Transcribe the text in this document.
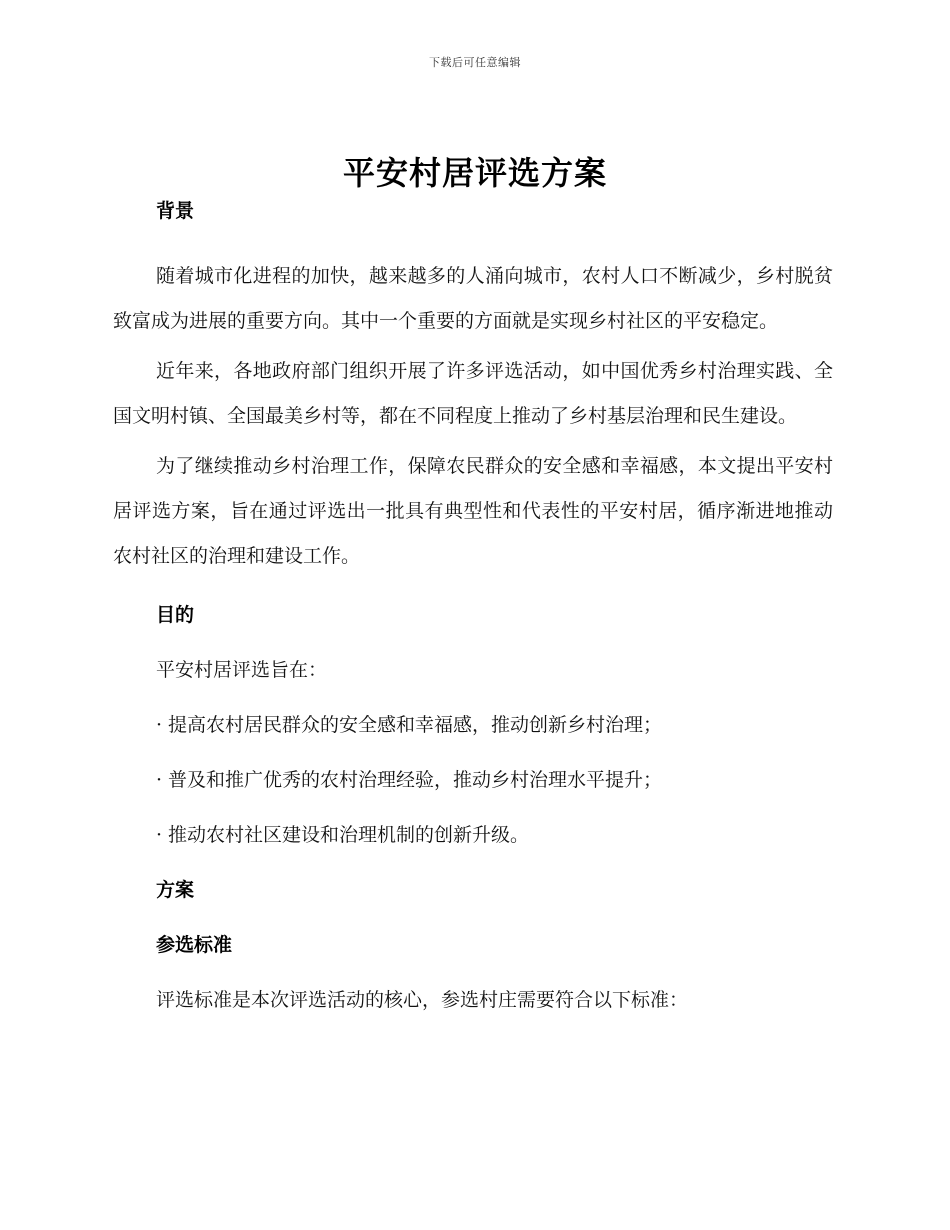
下载后可任意编辑
平安村居评选方案
背景

随着城市化进程的加快，越来越多的人涌向城市，农村人口不断减少，乡村脱贫致富成为进展的重要方向。其中一个重要的方面就是实现乡村社区的平安稳定。

近年来，各地政府部门组织开展了许多评选活动，如中国优秀乡村治理实践、全国文明村镇、全国最美乡村等，都在不同程度上推动了乡村基层治理和民生建设。

为了继续推动乡村治理工作，保障农民群众的安全感和幸福感，本文提出平安村居评选方案，旨在通过评选出一批具有典型性和代表性的平安村居，循序渐进地推动农村社区的治理和建设工作。

目的

平安村居评选旨在：

· 提高农村居民群众的安全感和幸福感，推动创新乡村治理；

· 普及和推广优秀的农村治理经验，推动乡村治理水平提升；

· 推动农村社区建设和治理机制的创新升级。

方案
参选标准

评选标准是本次评选活动的核心，参选村庄需要符合以下标准：
